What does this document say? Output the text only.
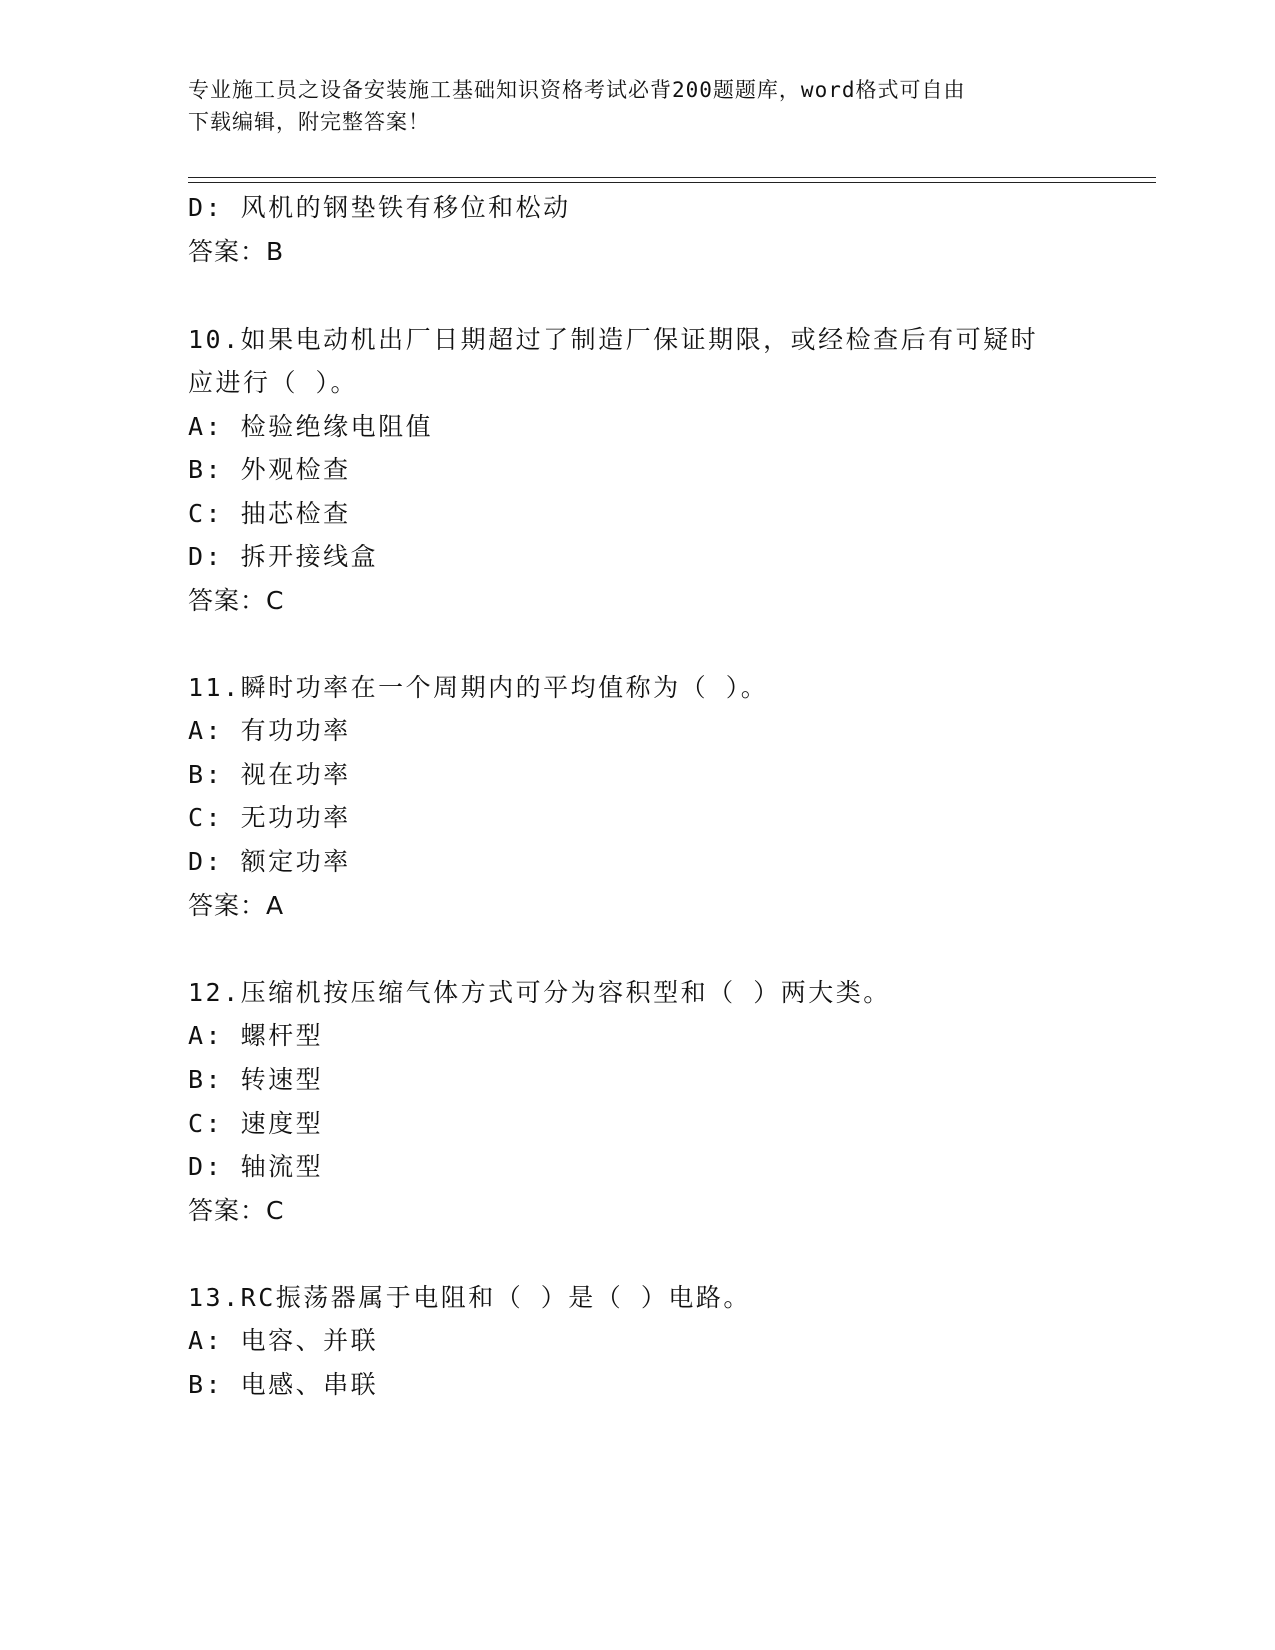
专业施工员之设备安装施工基础知识资格考试必背200题题库，word格式可自由
下载编辑，附完整答案！
D: 风机的钢垫铁有移位和松动
答案：B
10.如果电动机出厂日期超过了制造厂保证期限，或经检查后有可疑时
应进行（ ）。
A: 检验绝缘电阻值
B: 外观检查
C: 抽芯检查
D: 拆开接线盒
答案：C
11.瞬时功率在一个周期内的平均值称为（ ）。
A: 有功功率
B: 视在功率
C: 无功功率
D: 额定功率
答案：A
12.压缩机按压缩气体方式可分为容积型和（ ）两大类。
A: 螺杆型
B: 转速型
C: 速度型
D: 轴流型
答案：C
13.RC振荡器属于电阻和（ ）是（ ）电路。
A: 电容、并联
B: 电感、串联
